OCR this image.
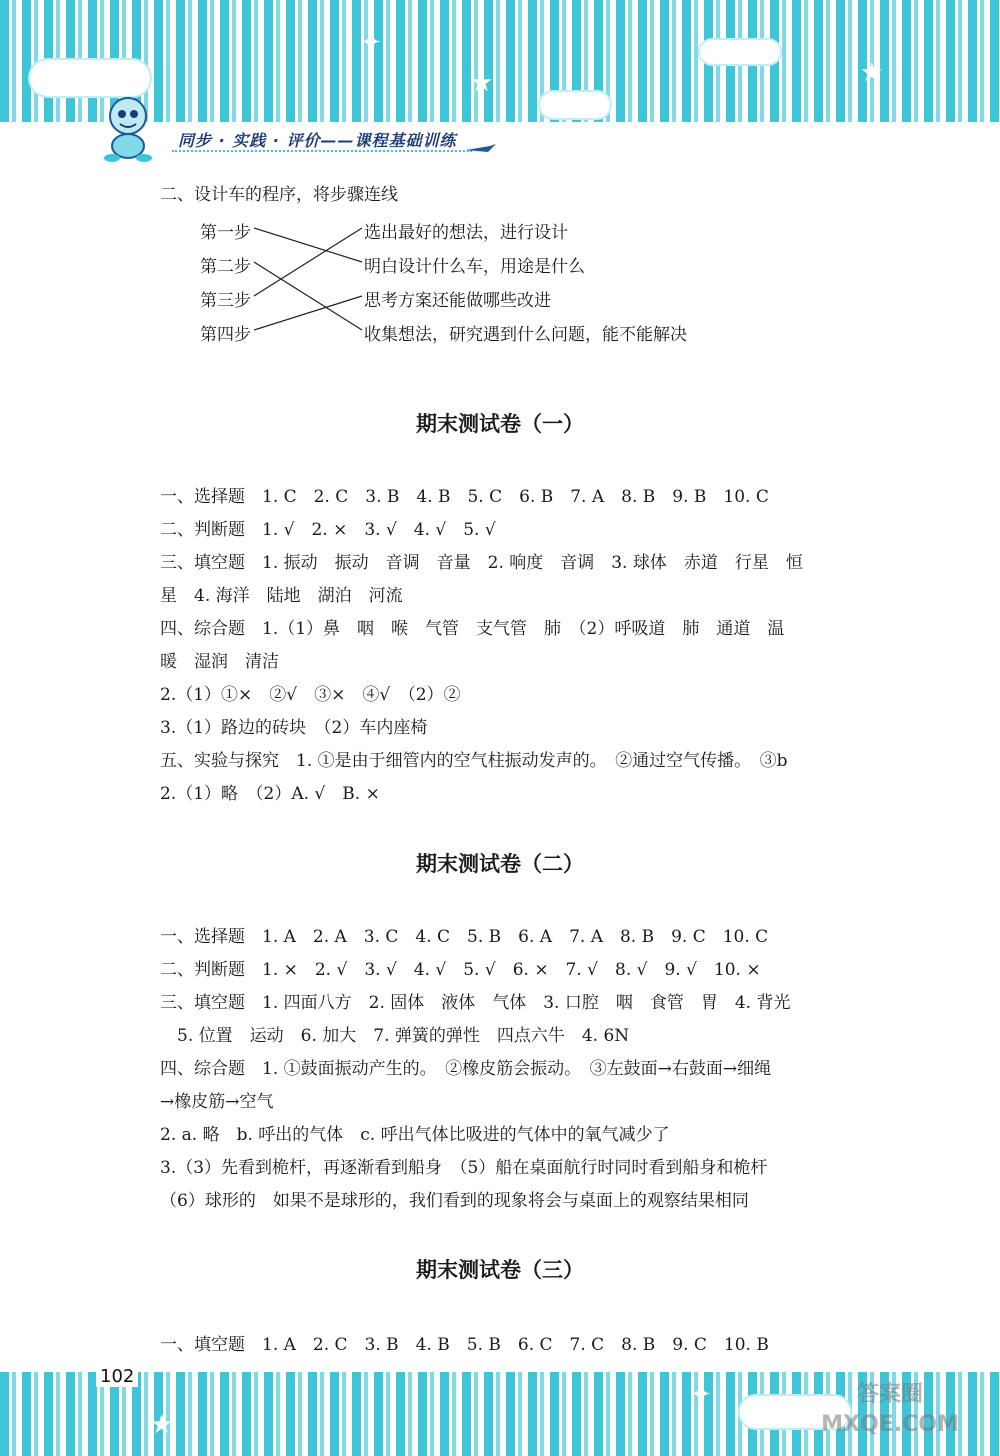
★	★
✦
同步 · 实践 · 评价——课程基础训练
二、设计车的程序，将步骤连线
第一步
第二步
第三步
第四步
选出最好的想法，进行设计
明白设计什么车，用途是什么
思考方案还能做哪些改进
收集想法，研究遇到什么问题，能不能解决
期末测试卷（一）
一、选择题　1. C　2. C　3. B　4. B　5. C　6. B　7. A　8. B　9. B　10. C
二、判断题　1. √　2. ×　3. √　4. √　5. √
三、填空题　1. 振动　振动　音调　音量　2. 响度　音调　3. 球体　赤道　行星　恒
星　4. 海洋　陆地　湖泊　河流
四、综合题　1.（1）鼻　咽　喉　气管　支气管　肺　（2）呼吸道　肺　通道　温
暖　湿润　清洁
2.（1）①×　②√　③×　④√　（2）②
3.（1）路边的砖块　（2）车内座椅
五、实验与探究　1. ①是由于细管内的空气柱振动发声的。　②通过空气传播。　③b
2.（1）略　（2）A. √　B. ×
期末测试卷（二）
一、选择题　1. A　2. A　3. C　4. C　5. B　6. A　7. A　8. B　9. C　10. C
二、判断题　1. ×　2. √　3. √　4. √　5. √　6. ×　7. √　8. √　9. √　10. ×
三、填空题　1. 四面八方　2. 固体　液体　气体　3. 口腔　咽　食管　胃　4. 背光
　5. 位置　运动　6. 加大　7. 弹簧的弹性　四点六牛　4. 6N
四、综合题　1. ①鼓面振动产生的。　②橡皮筋会振动。　③左鼓面→右鼓面→细绳
→橡皮筋→空气
2. a. 略　b. 呼出的气体　c. 呼出气体比吸进的气体中的氧气减少了
3.（3）先看到桅杆，再逐渐看到船身　（5）船在桌面航行时同时看到船身和桅杆
（6）球形的　如果不是球形的，我们看到的现象将会与桌面上的观察结果相同
期末测试卷（三）
一、填空题　1. A　2. C　3. B　4. B　5. B　6. C　7. C　8. B　9. C　10. B
★
✦	答案圈 MXQE.COM
102
